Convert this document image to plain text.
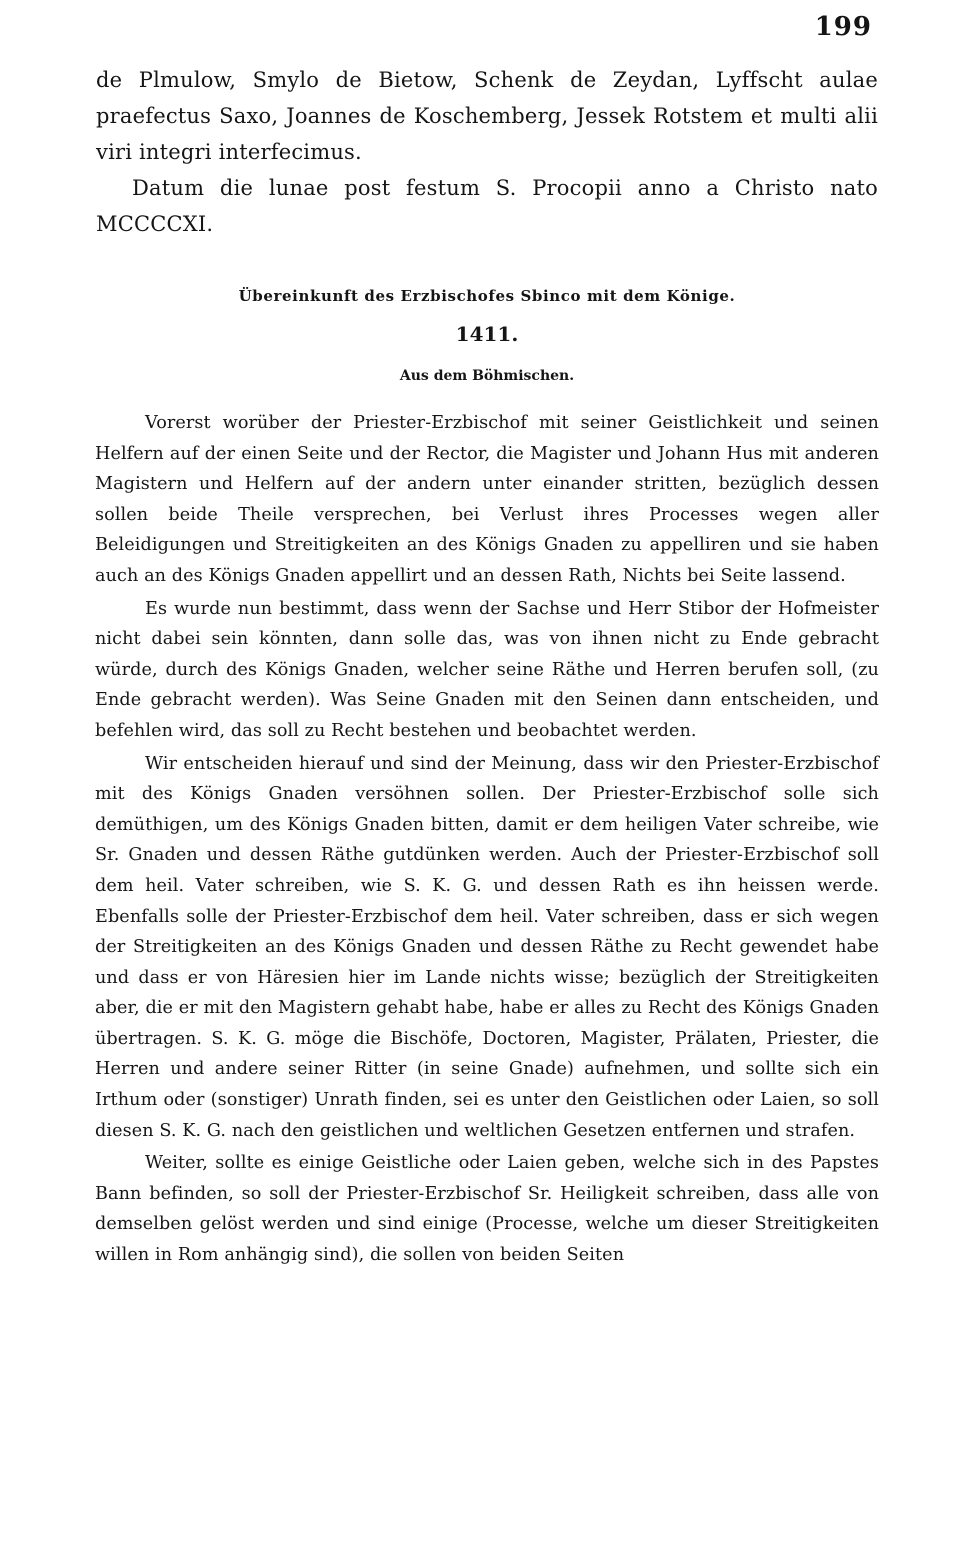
199

de Plmulow, Smylo de Bietow, Schenk de Zeydan, Lyffscht aulae praefectus Saxo, Joannes de Koschemberg, Jessek Rotstem et multi alii viri integri interfecimus.

Datum die lunae post festum S. Procopii anno a Christo nato MCCCCXI.

Übereinkunft des Erzbischofes Sbinco mit dem Könige.
1411.
Aus dem Böhmischen.

Vorerst worüber der Priester-Erzbischof mit seiner Geistlichkeit und seinen Helfern auf der einen Seite und der Rector, die Magister und Johann Hus mit anderen Magistern und Helfern auf der andern unter einander stritten, bezüglich dessen sollen beide Theile versprechen, bei Verlust ihres Processes wegen aller Beleidigungen und Streitigkeiten an des Königs Gnaden zu appelliren und sie haben auch an des Königs Gnaden appellirt und an dessen Rath, Nichts bei Seite lassend.

Es wurde nun bestimmt, dass wenn der Sachse und Herr Stibor der Hofmeister nicht dabei sein könnten, dann solle das, was von ihnen nicht zu Ende gebracht würde, durch des Königs Gnaden, welcher seine Räthe und Herren berufen soll, (zu Ende gebracht werden). Was Seine Gnaden mit den Seinen dann entscheiden, und befehlen wird, das soll zu Recht bestehen und beobachtet werden.

Wir entscheiden hierauf und sind der Meinung, dass wir den Priester-Erzbischof mit des Königs Gnaden versöhnen sollen. Der Priester-Erzbischof solle sich demüthigen, um des Königs Gnaden bitten, damit er dem heiligen Vater schreibe, wie Sr. Gnaden und dessen Räthe gutdünken werden. Auch der Priester-Erzbischof soll dem heil. Vater schreiben, wie S. K. G. und dessen Rath es ihn heissen werde. Ebenfalls solle der Priester-Erzbischof dem heil. Vater schreiben, dass er sich wegen der Streitigkeiten an des Königs Gnaden und dessen Räthe zu Recht gewendet habe und dass er von Häresien hier im Lande nichts wisse; bezüglich der Streitigkeiten aber, die er mit den Magistern gehabt habe, habe er alles zu Recht des Königs Gnaden übertragen. S. K. G. möge die Bischöfe, Doctoren, Magister, Prälaten, Priester, die Herren und andere seiner Ritter (in seine Gnade) aufnehmen, und sollte sich ein Irthum oder (sonstiger) Unrath finden, sei es unter den Geistlichen oder Laien, so soll diesen S. K. G. nach den geistlichen und weltlichen Gesetzen entfernen und strafen.

Weiter, sollte es einige Geistliche oder Laien geben, welche sich in des Papstes Bann befinden, so soll der Priester-Erzbischof Sr. Heiligkeit schreiben, dass alle von demselben gelöst werden und sind einige (Processe, welche um dieser Streitigkeiten willen in Rom anhängig sind), die sollen von beiden Seiten
